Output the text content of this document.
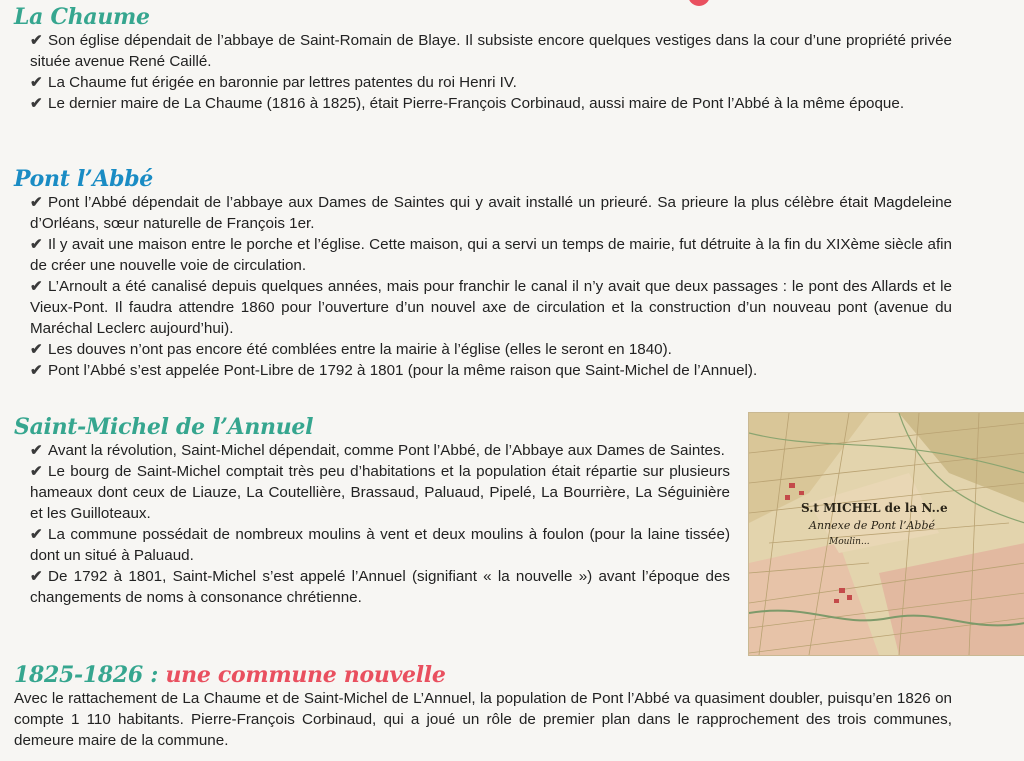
La Chaume
✔ Son église dépendait de l’abbaye de Saint-Romain de Blaye. Il subsiste encore quelques vestiges dans la cour d’une propriété privée située avenue René Caillé.
✔ La Chaume fut érigée en baronnie par lettres patentes du roi Henri IV.
✔ Le dernier maire de La Chaume (1816 à 1825), était Pierre-François Corbinaud, aussi maire de Pont l’Abbé à la même époque.
Pont l’Abbé
✔ Pont l’Abbé dépendait de l’abbaye aux Dames de Saintes qui y avait installé un prieuré. Sa prieure la plus célèbre était Magdeleine d’Orléans, sœur naturelle de François 1er.
✔ Il y avait une maison entre le porche et l’église. Cette maison, qui a servi un temps de mairie, fut détruite à la fin du XIXème siècle afin de créer une nouvelle voie de circulation.
✔ L’Arnoult a été canalisé depuis quelques années, mais pour franchir le canal il n’y avait que deux passages : le pont des Allards et le Vieux-Pont. Il faudra attendre 1860 pour l’ouverture d’un nouvel axe de circulation et la construction d’un nouveau pont (avenue du Maréchal Leclerc aujourd’hui).
✔ Les douves n’ont pas encore été comblées entre la mairie à l’église (elles le seront en 1840).
✔ Pont l’Abbé s’est appelée Pont-Libre de 1792 à 1801 (pour la même raison que Saint-Michel de l’Annuel).
Saint-Michel de l’Annuel
✔ Avant la révolution, Saint-Michel dépendait, comme Pont l’Abbé, de l’Abbaye aux Dames de Saintes.
✔ Le bourg de Saint-Michel comptait très peu d’habitations et la population était répartie sur plusieurs hameaux dont ceux de Liauze, La Coutellière, Brassaud, Paluaud, Pipelé, La Bourrière, La Séguinière et les Guilloteaux.
✔ La commune possédait de nombreux moulins à vent et deux moulins à foulon (pour la laine tissée) dont un situé à Paluaud.
✔ De 1792 à 1801, Saint-Michel s’est appelé l’Annuel (signifiant « la nouvelle ») avant l’époque des changements de noms à consonance chrétienne.
S.t MICHEL de la N..e
Annexe de Pont l’Abbé
Moulin...
1825-1826 : une commune nouvelle

Avec le rattachement de La Chaume et de Saint-Michel de L’Annuel, la population de Pont l’Abbé va quasiment doubler, puisqu’en 1826 on compte 1 110 habitants. Pierre-François Corbinaud, qui a joué un rôle de premier plan dans le rapprochement des trois communes, demeure maire de la commune.
